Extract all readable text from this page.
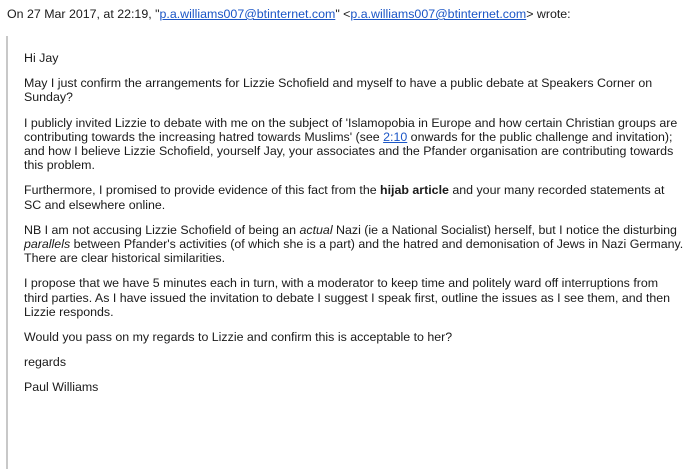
On 27 Mar 2017, at 22:19, "p.a.williams007@btinternet.com" <p.a.williams007@btinternet.com> wrote:

Hi Jay

May I just confirm the arrangements for Lizzie Schofield and myself to have a public debate at Speakers Corner on Sunday?

I publicly invited Lizzie to debate with me on the subject of 'Islamopobia in Europe and how certain Christian groups are contributing towards the increasing hatred towards Muslims' (see 2:10 onwards for the public challenge and invitation); and how I believe Lizzie Schofield, yourself Jay, your associates and the Pfander organisation are contributing towards this problem.

Furthermore, I promised to provide evidence of this fact from the hijab article and your many recorded statements at SC and elsewhere online.

NB I am not accusing Lizzie Schofield of being an actual Nazi (ie a National Socialist) herself, but I notice the disturbing parallels between Pfander's activities (of which she is a part) and the hatred and demonisation of Jews in Nazi Germany. There are clear historical similarities.

I propose that we have 5 minutes each in turn, with a moderator to keep time and politely ward off interruptions from third parties. As I have issued the invitation to debate I suggest I speak first, outline the issues as I see them, and then Lizzie responds.

Would you pass on my regards to Lizzie and confirm this is acceptable to her?

regards

Paul Williams
